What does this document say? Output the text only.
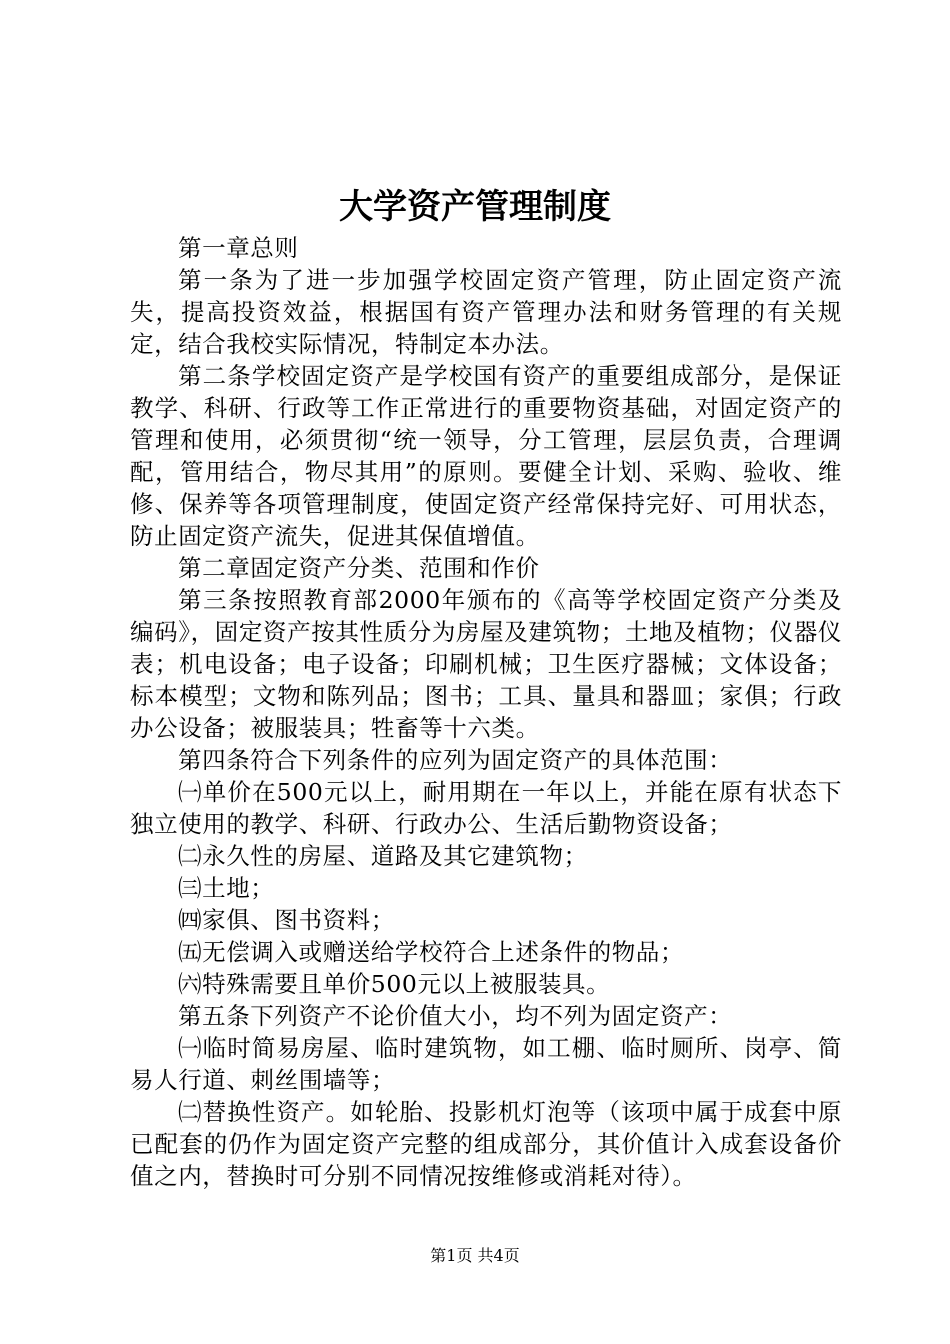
大学资产管理制度

第一章总则

第一条为了进一步加强学校固定资产管理，防止固定资产流失，提高投资效益，根据国有资产管理办法和财务管理的有关规定，结合我校实际情况，特制定本办法。

第二条学校固定资产是学校国有资产的重要组成部分，是保证教学、科研、行政等工作正常进行的重要物资基础，对固定资产的管理和使用，必须贯彻“统一领导，分工管理，层层负责，合理调配，管用结合，物尽其用”的原则。要健全计划、采购、验收、维修、保养等各项管理制度，使固定资产经常保持完好、可用状态，防止固定资产流失，促进其保值增值。

第二章固定资产分类、范围和作价

第三条按照教育部2000年颁布的《高等学校固定资产分类及编码》，固定资产按其性质分为房屋及建筑物；土地及植物；仪器仪表；机电设备；电子设备；印刷机械；卫生医疗器械；文体设备；标本模型；文物和陈列品；图书；工具、量具和器皿；家俱；行政办公设备；被服装具；牲畜等十六类。

第四条符合下列条件的应列为固定资产的具体范围：

㈠单价在500元以上，耐用期在一年以上，并能在原有状态下独立使用的教学、科研、行政办公、生活后勤物资设备；

㈡永久性的房屋、道路及其它建筑物；

㈢土地；

㈣家俱、图书资料；

㈤无偿调入或赠送给学校符合上述条件的物品；

㈥特殊需要且单价500元以上被服装具。

第五条下列资产不论价值大小，均不列为固定资产：

㈠临时简易房屋、临时建筑物，如工棚、临时厕所、岗亭、简易人行道、刺丝围墙等；

㈡替换性资产。如轮胎、投影机灯泡等（该项中属于成套中原已配套的仍作为固定资产完整的组成部分，其价值计入成套设备价值之内，替换时可分别不同情况按维修或消耗对待）。

第1页 共4页
